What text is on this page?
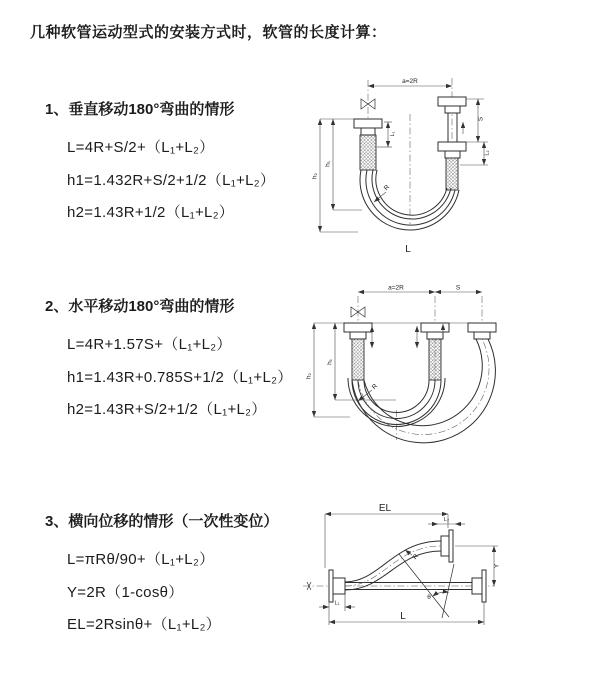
几种软管运动型式的安装方式时，软管的长度计算：
1、垂直移动180°弯曲的情形
L=4R+S/2+（L₁+L₂）
h1=1.432R+S/2+1/2（L₁+L₂）
h2=1.43R+1/2（L₁+L₂）
2、水平移动180°弯曲的情形
L=4R+1.57S+（L₁+L₂）
h1=1.43R+0.785S+1/2（L₁+L₂）
h2=1.43R+S/2+1/2（L₁+L₂）
3、横向位移的情形（一次性变位）
L=πRθ/90+（L₁+L₂）
Y=2R（1-cosθ）
EL=2Rsinθ+（L₁+L₂）
a=2R
L₁
S
L₂
h₁
h₂
R
L
a=2R	S
h₁
h₂
R
EL
L₂
Y
θ
R
L₁
L
